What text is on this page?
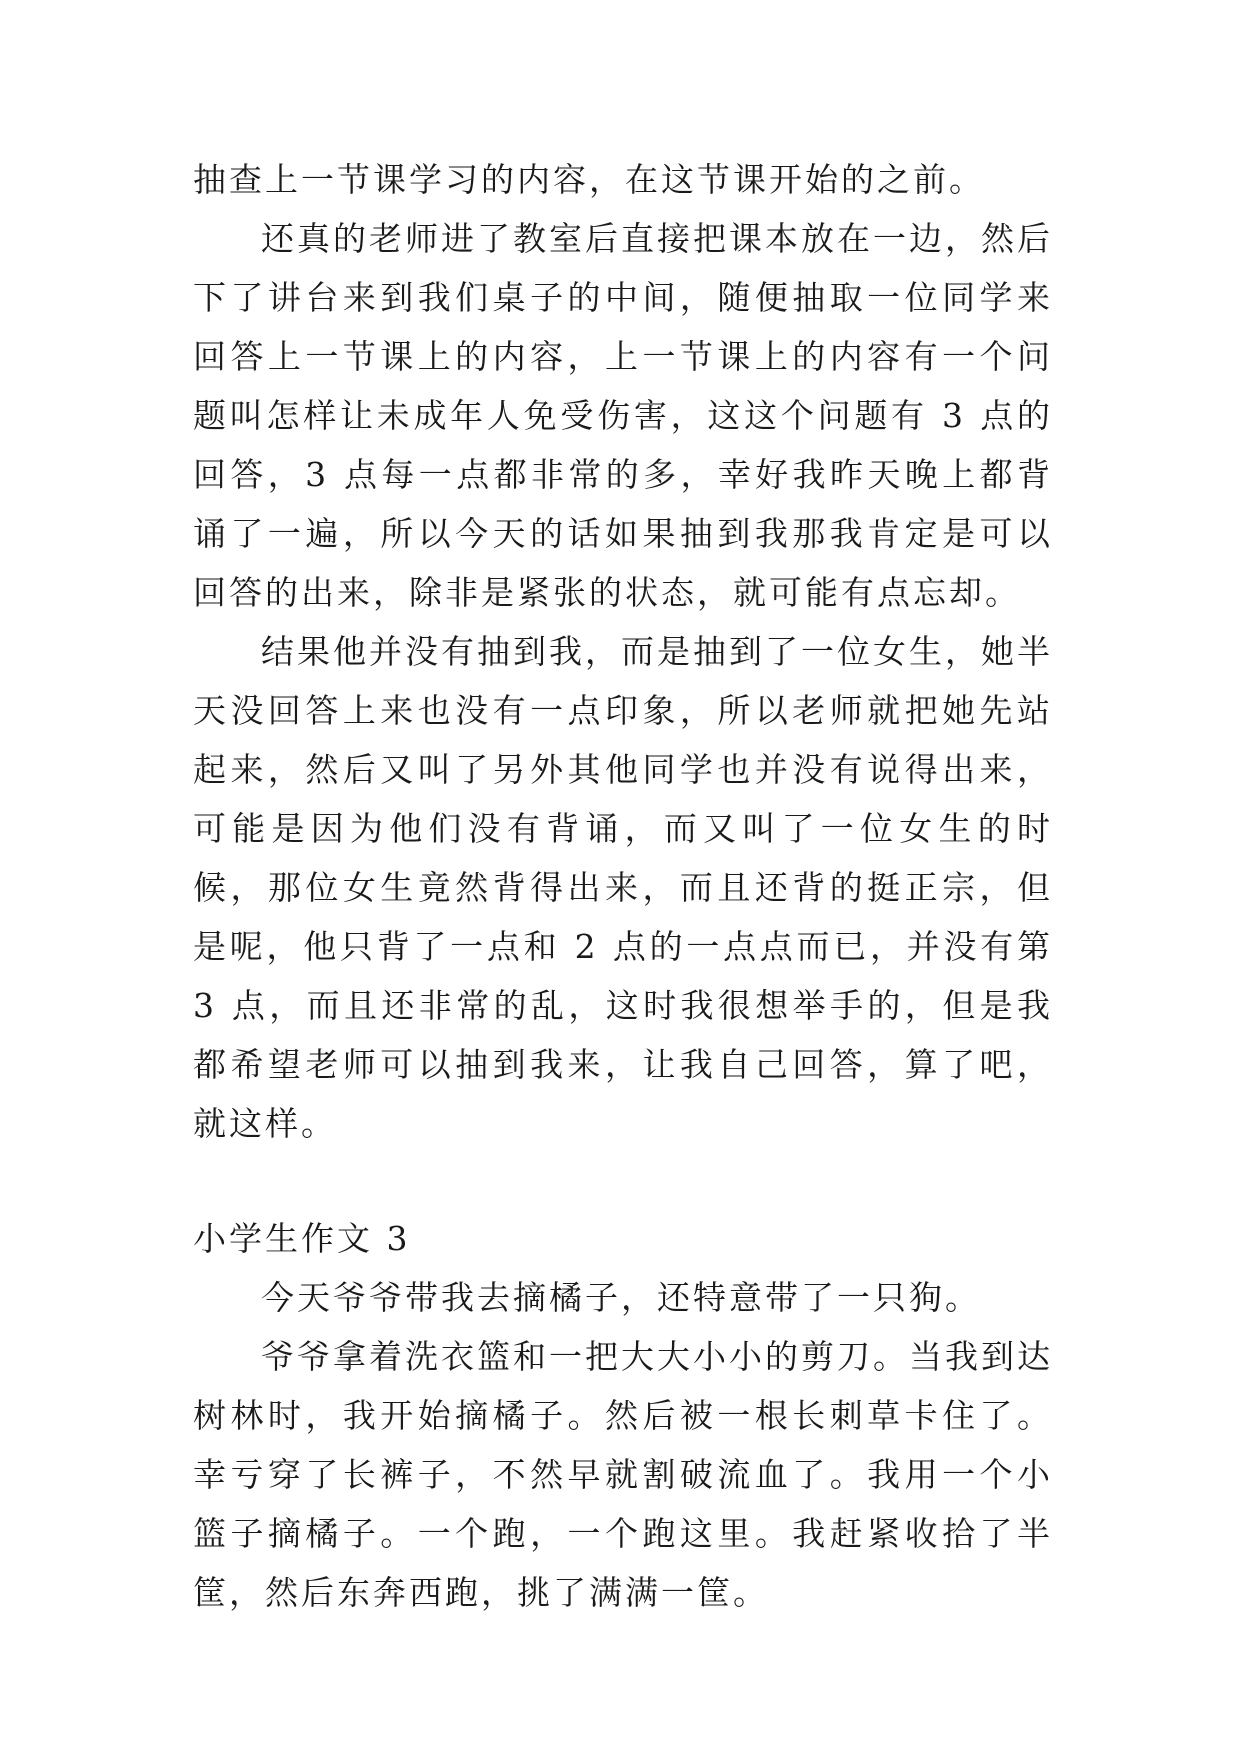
抽查上一节课学习的内容，在这节课开始的之前。

还真的老师进了教室后直接把课本放在一边，然后下了讲台来到我们桌子的中间，随便抽取一位同学来回答上一节课上的内容，上一节课上的内容有一个问题叫怎样让未成年人免受伤害，这这个问题有 3 点的回答，3 点每一点都非常的多，幸好我昨天晚上都背诵了一遍，所以今天的话如果抽到我那我肯定是可以回答的出来，除非是紧张的状态，就可能有点忘却。

结果他并没有抽到我，而是抽到了一位女生，她半天没回答上来也没有一点印象，所以老师就把她先站起来，然后又叫了另外其他同学也并没有说得出来，可能是因为他们没有背诵，而又叫了一位女生的时候，那位女生竟然背得出来，而且还背的挺正宗，但是呢，他只背了一点和 2 点的一点点而已，并没有第 3 点，而且还非常的乱，这时我很想举手的，但是我都希望老师可以抽到我来，让我自己回答，算了吧，就这样。

小学生作文 3

今天爷爷带我去摘橘子，还特意带了一只狗。

爷爷拿着洗衣篮和一把大大小小的剪刀。当我到达树林时，我开始摘橘子。然后被一根长刺草卡住了。幸亏穿了长裤子，不然早就割破流血了。我用一个小篮子摘橘子。一个跑，一个跑这里。我赶紧收拾了半筐，然后东奔西跑，挑了满满一筐。
